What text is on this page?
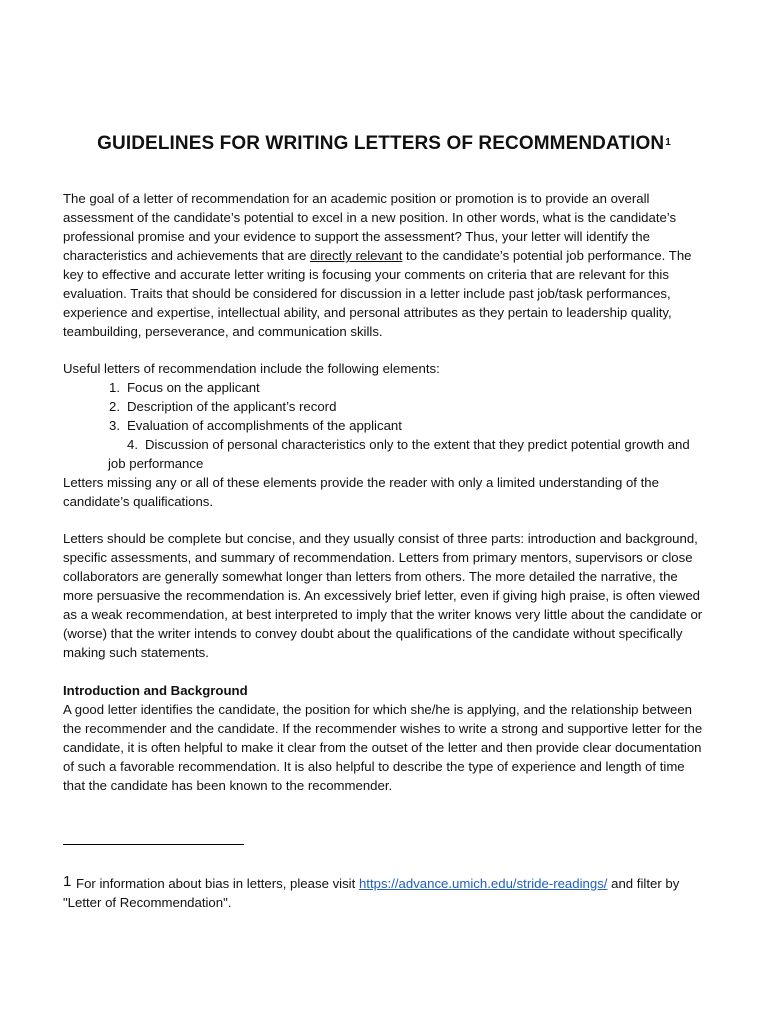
GUIDELINES FOR WRITING LETTERS OF RECOMMENDATION$^1$

The goal of a letter of recommendation for an academic position or promotion is to provide an overall assessment of the candidate’s potential to excel in a new position. In other words, what is the candidate’s professional promise and your evidence to support the assessment? Thus, your letter will identify the characteristics and achievements that are directly relevant to the candidate’s potential job performance. The key to effective and accurate letter writing is focusing your comments on criteria that are relevant for this evaluation. Traits that should be considered for discussion in a letter include past job/task performances, experience and expertise, intellectual ability, and personal attributes as they pertain to leadership quality, teambuilding, perseverance, and communication skills.

Useful letters of recommendation include the following elements:

1. Focus on the applicant
2. Description of the applicant’s record
3. Evaluation of accomplishments of the applicant
4. Discussion of personal characteristics only to the extent that they predict potential growth and job performance

Letters missing any or all of these elements provide the reader with only a limited understanding of the candidate’s qualifications.

Letters should be complete but concise, and they usually consist of three parts: introduction and background, specific assessments, and summary of recommendation. Letters from primary mentors, supervisors or close collaborators are generally somewhat longer than letters from others. The more detailed the narrative, the more persuasive the recommendation is. An excessively brief letter, even if giving high praise, is often viewed as a weak recommendation, at best interpreted to imply that the writer knows very little about the candidate or (worse) that the writer intends to convey doubt about the qualifications of the candidate without specifically making such statements.

Introduction and Background

A good letter identifies the candidate, the position for which she/he is applying, and the relationship between the recommender and the candidate. If the recommender wishes to write a strong and supportive letter for the candidate, it is often helpful to make it clear from the outset of the letter and then provide clear documentation of such a favorable recommendation. It is also helpful to describe the type of experience and length of time that the candidate has been known to the recommender.

1 For information about bias in letters, please visit https://advance.umich.edu/stride-readings/ and filter by "Letter of Recommendation".
